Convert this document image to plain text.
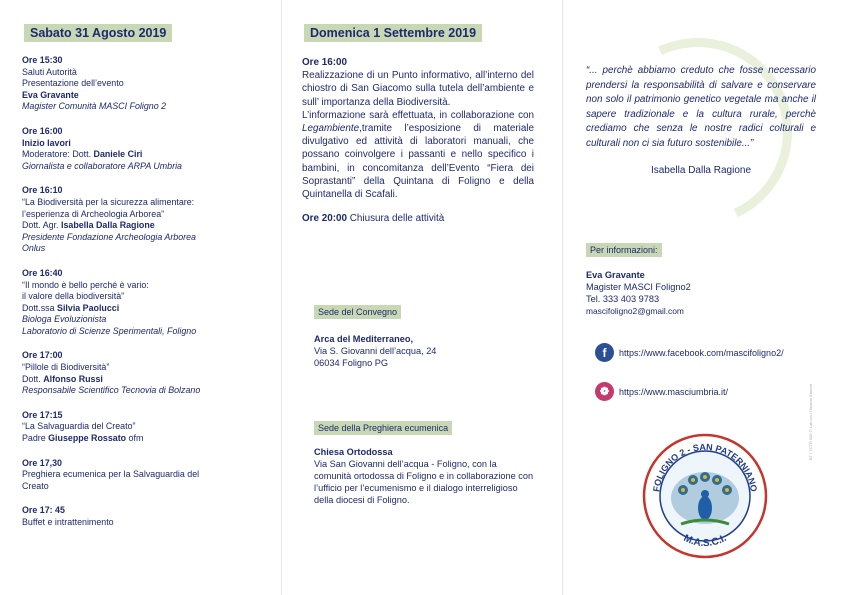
Sabato 31 Agosto 2019
Ore 15:30
Saluti Autorità
Presentazione dell’evento
Eva Gravante
Magister Comunità MASCI Foligno 2
Ore 16:00
Inizio lavori
Moderatore: Dott. Daniele Ciri
Giornalista e collaboratore ARPA Umbria
Ore 16:10
“La Biodiversità per la sicurezza alimentare:
l’esperienza di Archeologia Arborea”
Dott. Agr. Isabella Dalla Ragione
Presidente Fondazione Archeologia Arborea
Onlus
Ore 16:40
“Il mondo è bello perché è vario:
il valore della biodiversità”
Dott.ssa Silvia Paolucci
Biologa Evoluzionista
Laboratorio di Scienze Sperimentali, Foligno
Ore 17:00
“Pillole di Biodiversità”
Dott. Alfonso Russi
Responsabile Scientifico Tecnovia di Bolzano
Ore 17:15
“La Salvaguardia del Creato”
Padre Giuseppe Rossato ofm
Ore 17,30
Preghiera ecumenica per la Salvaguardia del
Creato
Ore 17: 45
Buffet e intrattenimento
Domenica 1 Settembre 2019
Ore 16:00
Realizzazione di un Punto informativo, all’interno del chiostro di San Giacomo sulla tutela dell’ambiente e sull’ importanza della Biodiversità.
L’informazione sarà effettuata, in collaborazione con Legambiente,tramite l’esposizione di materiale divulgativo ed attività di laboratori manuali, che possano coinvolgere i passanti e nello specifico i bambini, in concomitanza dell’Evento “Fiera dei Soprastanti” della Quintana di Foligno e della Quintanella di Scafali.
Ore 20:00 Chiusura delle attività
Sede del Convegno
Arca del Mediterraneo,
Via S. Giovanni dell’acqua, 24
06034 Foligno PG
Sede della Preghiera ecumenica
Chiesa Ortodossa
Via San Giovanni dell’acqua - Foligno, con la comunità ortodossa di Foligno e in collaborazione con l’ufficio per l’ecumenismo e il dialogo interreligioso della diocesi di Foligno.
“... perchè abbiamo creduto che fosse necessario prendersi la responsabilità di salvare e conservare non solo il patrimonio genetico vegetale ma anche il sapere tradizionale e la cultura rurale, perchè crediamo che senza le nostre radici colturali e culturali non ci sia futuro sostenibile...”
Isabella Dalla Ragione
Per informazioni:
Eva Gravante
Magister MASCI Foligno2
Tel. 333 403 9783
mascifoligno2@gmail.com
f	https://www.facebook.com/mascifoligno2/
❁	https://www.masciumbria.it/
FOLIGNO 2 - SAN PATERNIANO
M.A.S.C.I.
BT / 7CTR 005 © Lab.cm / Dinamo Bianchi
